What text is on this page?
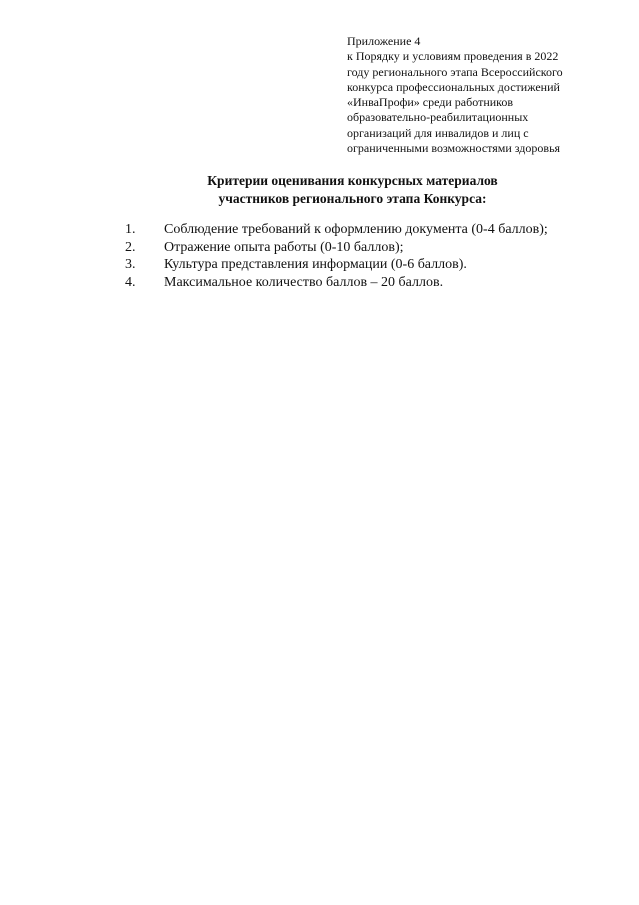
Приложение 4
к Порядку и условиям проведения в 2022
году регионального этапа Всероссийского
конкурса профессиональных достижений
«ИнваПрофи» среди работников
образовательно-реабилитационных
организаций для инвалидов и лиц с
ограниченными возможностями здоровья
Критерии оценивания конкурсных материалов
участников регионального этапа Конкурса:
1.	Соблюдение требований к оформлению документа (0-4 баллов);
2.	Отражение опыта работы (0-10 баллов);
3.	Культура представления информации (0-6 баллов).
4.	Максимальное количество баллов – 20 баллов.
